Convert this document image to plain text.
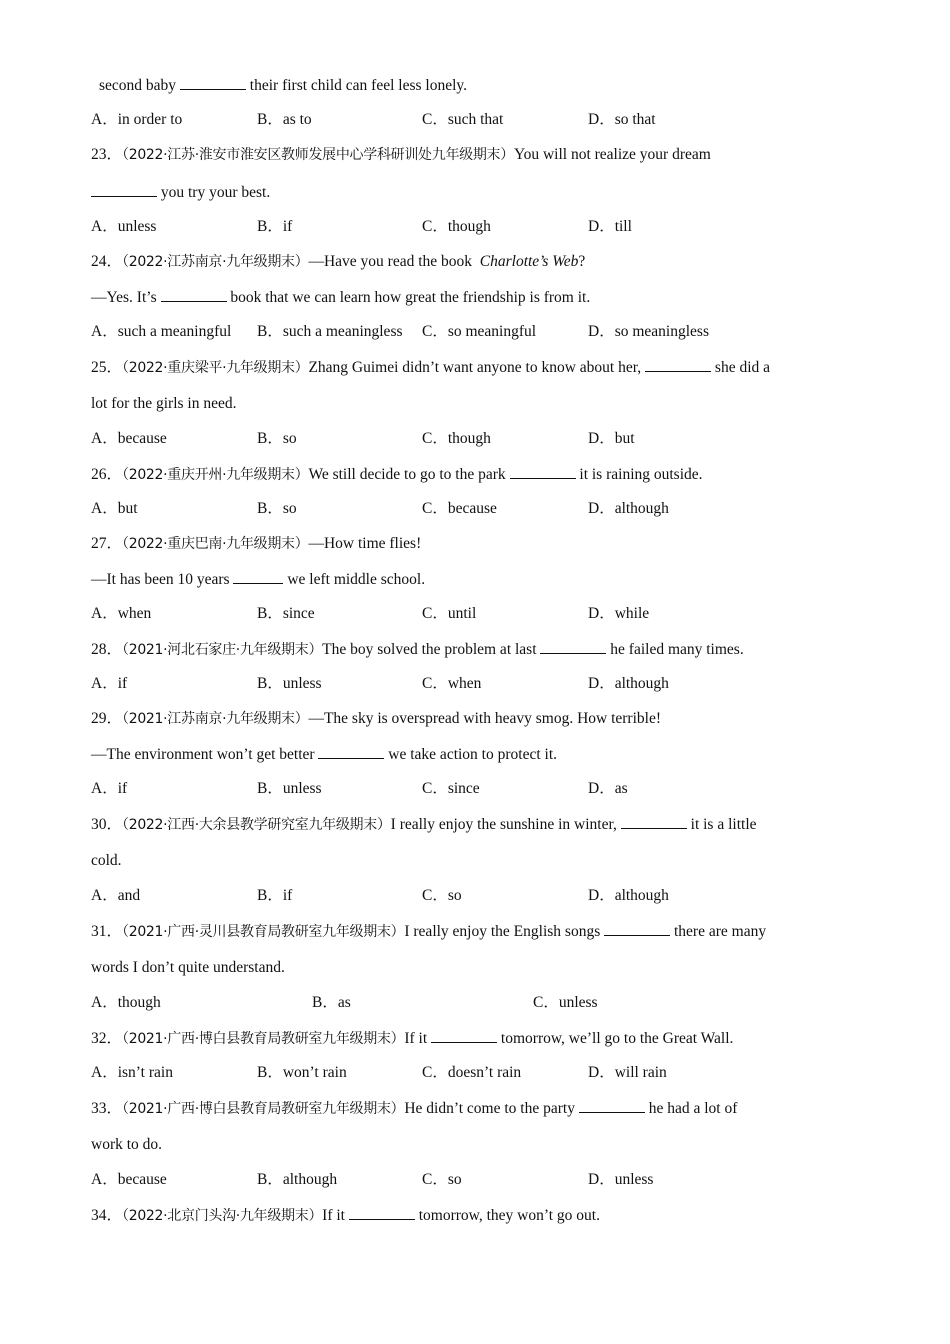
second baby	their first child can feel less lonely.
A．in order to	B．as to	C．such that	D．so that
23．（2022·江苏·淮安市淮安区教师发展中心学科研训处九年级期末）You will not realize your dream
you try your best.
A．unless	B．if	C．though	D．till
24．（2022·江苏南京·九年级期末）—Have you read the book Charlotte’s Web?
—Yes. It’s	book that we can learn how great the friendship is from it.
A．such a meaningful B．such a meaningless C．so meaningful	D．so meaningless
25．（2022·重庆梁平·九年级期末）Zhang Guimei didn’t want anyone to know about her,	she did a
lot for the girls in need.
A．because	B．so	C．though	D．but
26．（2022·重庆开州·九年级期末）We still decide to go to the park	it is raining outside.
A．but	B．so	C．because	D．although
27．（2022·重庆巴南·九年级期末）—How time flies!
—It has been 10 years	we left middle school.
A．when	B．since	C．until	D．while
28．（2021·河北石家庄·九年级期末）The boy solved the problem at last	he failed many times.
A．if	B．unless	C．when	D．although
29．（2021·江苏南京·九年级期末）—The sky is overspread with heavy smog. How terrible!
—The environment won’t get better	we take action to protect it.
A．if	B．unless	C．since	D．as
30．（2022·江西·大余县教学研究室九年级期末）I really enjoy the sunshine in winter,	it is a little
cold.
A．and	B．if	C．so	D．although
31．（2021·广西·灵川县教育局教研室九年级期末）I really enjoy the English songs	there are many
words I don’t quite understand.
A．though	B．as	C．unless
32．（2021·广西·博白县教育局教研室九年级期末）If it	tomorrow, we’ll go to the Great Wall.
A．isn’t rain	B．won’t rain	C．doesn’t rain	D．will rain
33．（2021·广西·博白县教育局教研室九年级期末）He didn’t come to the party	he had a lot of
work to do.
A．because	B．although	C．so	D．unless
34．（2022·北京门头沟·九年级期末）If it	tomorrow, they won’t go out.
